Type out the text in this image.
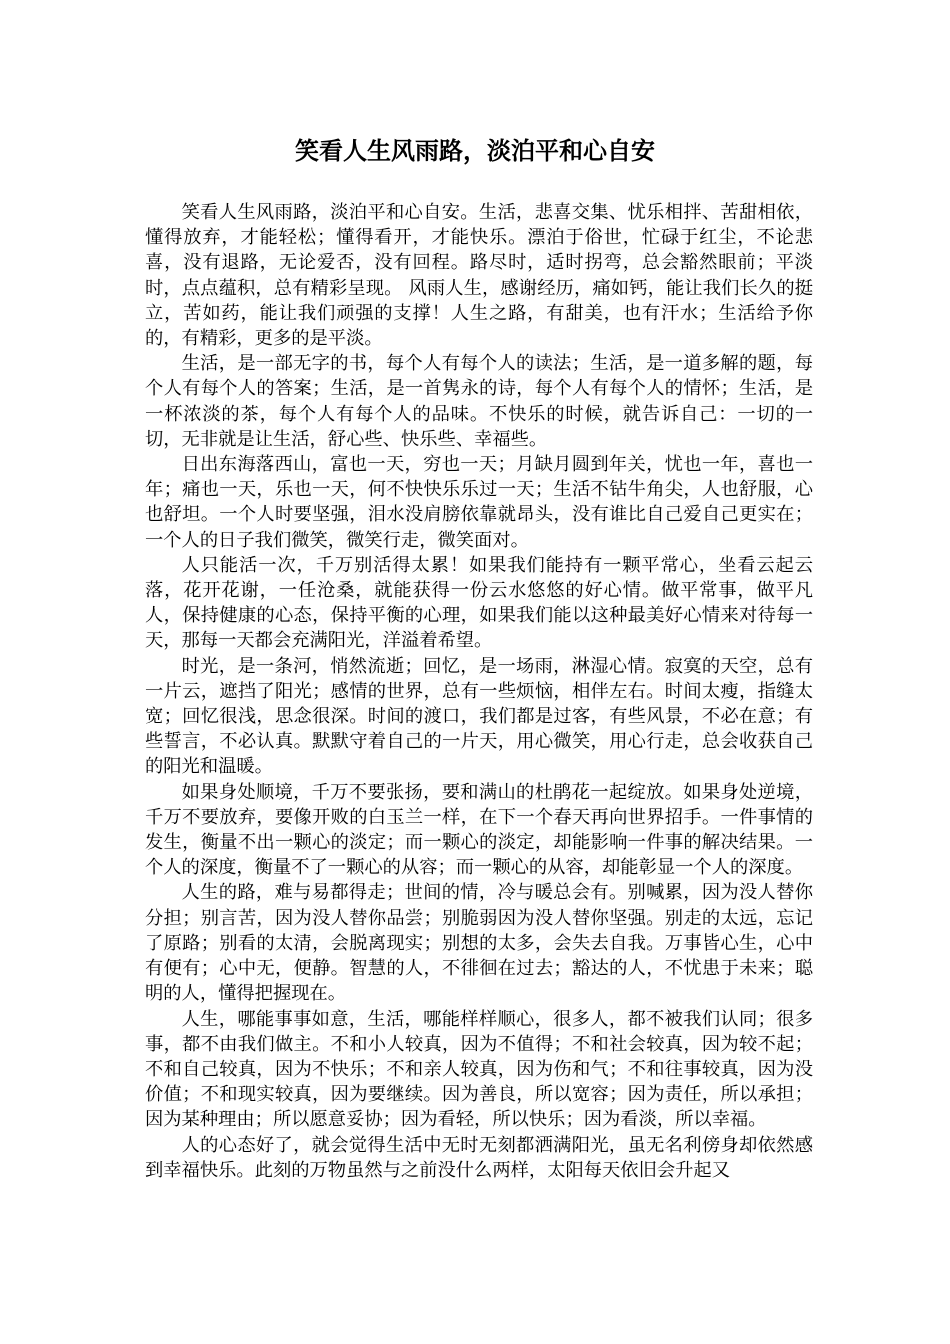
笑看人生风雨路，淡泊平和心自安

笑看人生风雨路，淡泊平和心自安。生活，悲喜交集、忧乐相拌、苦甜相依，懂得放弃，才能轻松；懂得看开，才能快乐。漂泊于俗世，忙碌于红尘，不论悲喜，没有退路，无论爱否，没有回程。路尽时，适时拐弯，总会豁然眼前；平淡时，点点蕴积，总有精彩呈现。 风雨人生，感谢经历，痛如钙，能让我们长久的挺立，苦如药，能让我们顽强的支撑！人生之路，有甜美，也有汗水；生活给予你的，有精彩，更多的是平淡。

生活，是一部无字的书，每个人有每个人的读法；生活，是一道多解的题，每个人有每个人的答案；生活，是一首隽永的诗，每个人有每个人的情怀；生活，是一杯浓淡的茶，每个人有每个人的品味。不快乐的时候，就告诉自己：一切的一切，无非就是让生活，舒心些、快乐些、幸福些。

日出东海落西山，富也一天，穷也一天；月缺月圆到年关，忧也一年，喜也一年；痛也一天，乐也一天，何不快快乐乐过一天；生活不钻牛角尖，人也舒服，心也舒坦。一个人时要坚强，泪水没肩膀依靠就昂头，没有谁比自己爱自己更实在；一个人的日子我们微笑，微笑行走，微笑面对。

人只能活一次，千万别活得太累！如果我们能持有一颗平常心，坐看云起云落，花开花谢，一任沧桑，就能获得一份云水悠悠的好心情。做平常事，做平凡人，保持健康的心态，保持平衡的心理，如果我们能以这种最美好心情来对待每一天，那每一天都会充满阳光，洋溢着希望。

时光，是一条河，悄然流逝；回忆，是一场雨，淋湿心情。寂寞的天空，总有一片云，遮挡了阳光；感情的世界，总有一些烦恼，相伴左右。时间太瘦，指缝太宽；回忆很浅，思念很深。时间的渡口，我们都是过客，有些风景，不必在意；有些誓言，不必认真。默默守着自己的一片天，用心微笑，用心行走，总会收获自己的阳光和温暖。

如果身处顺境，千万不要张扬，要和满山的杜鹃花一起绽放。如果身处逆境，千万不要放弃，要像开败的白玉兰一样，在下一个春天再向世界招手。一件事情的发生，衡量不出一颗心的淡定；而一颗心的淡定，却能影响一件事的解决结果。一个人的深度，衡量不了一颗心的从容；而一颗心的从容，却能彰显一个人的深度。

人生的路，难与易都得走；世间的情，冷与暖总会有。别喊累，因为没人替你分担；别言苦，因为没人替你品尝；别脆弱因为没人替你坚强。别走的太远，忘记了原路；别看的太清，会脱离现实；别想的太多，会失去自我。万事皆心生，心中有便有；心中无，便静。智慧的人，不徘徊在过去；豁达的人，不忧患于未来；聪明的人，懂得把握现在。

人生，哪能事事如意，生活，哪能样样顺心，很多人，都不被我们认同；很多事，都不由我们做主。不和小人较真，因为不值得；不和社会较真，因为较不起；不和自己较真，因为不快乐；不和亲人较真，因为伤和气；不和往事较真，因为没价值；不和现实较真，因为要继续。因为善良，所以宽容；因为责任，所以承担；因为某种理由；所以愿意妥协；因为看轻，所以快乐；因为看淡，所以幸福。

人的心态好了，就会觉得生活中无时无刻都洒满阳光，虽无名利傍身却依然感到幸福快乐。此刻的万物虽然与之前没什么两样，太阳每天依旧会升起又
